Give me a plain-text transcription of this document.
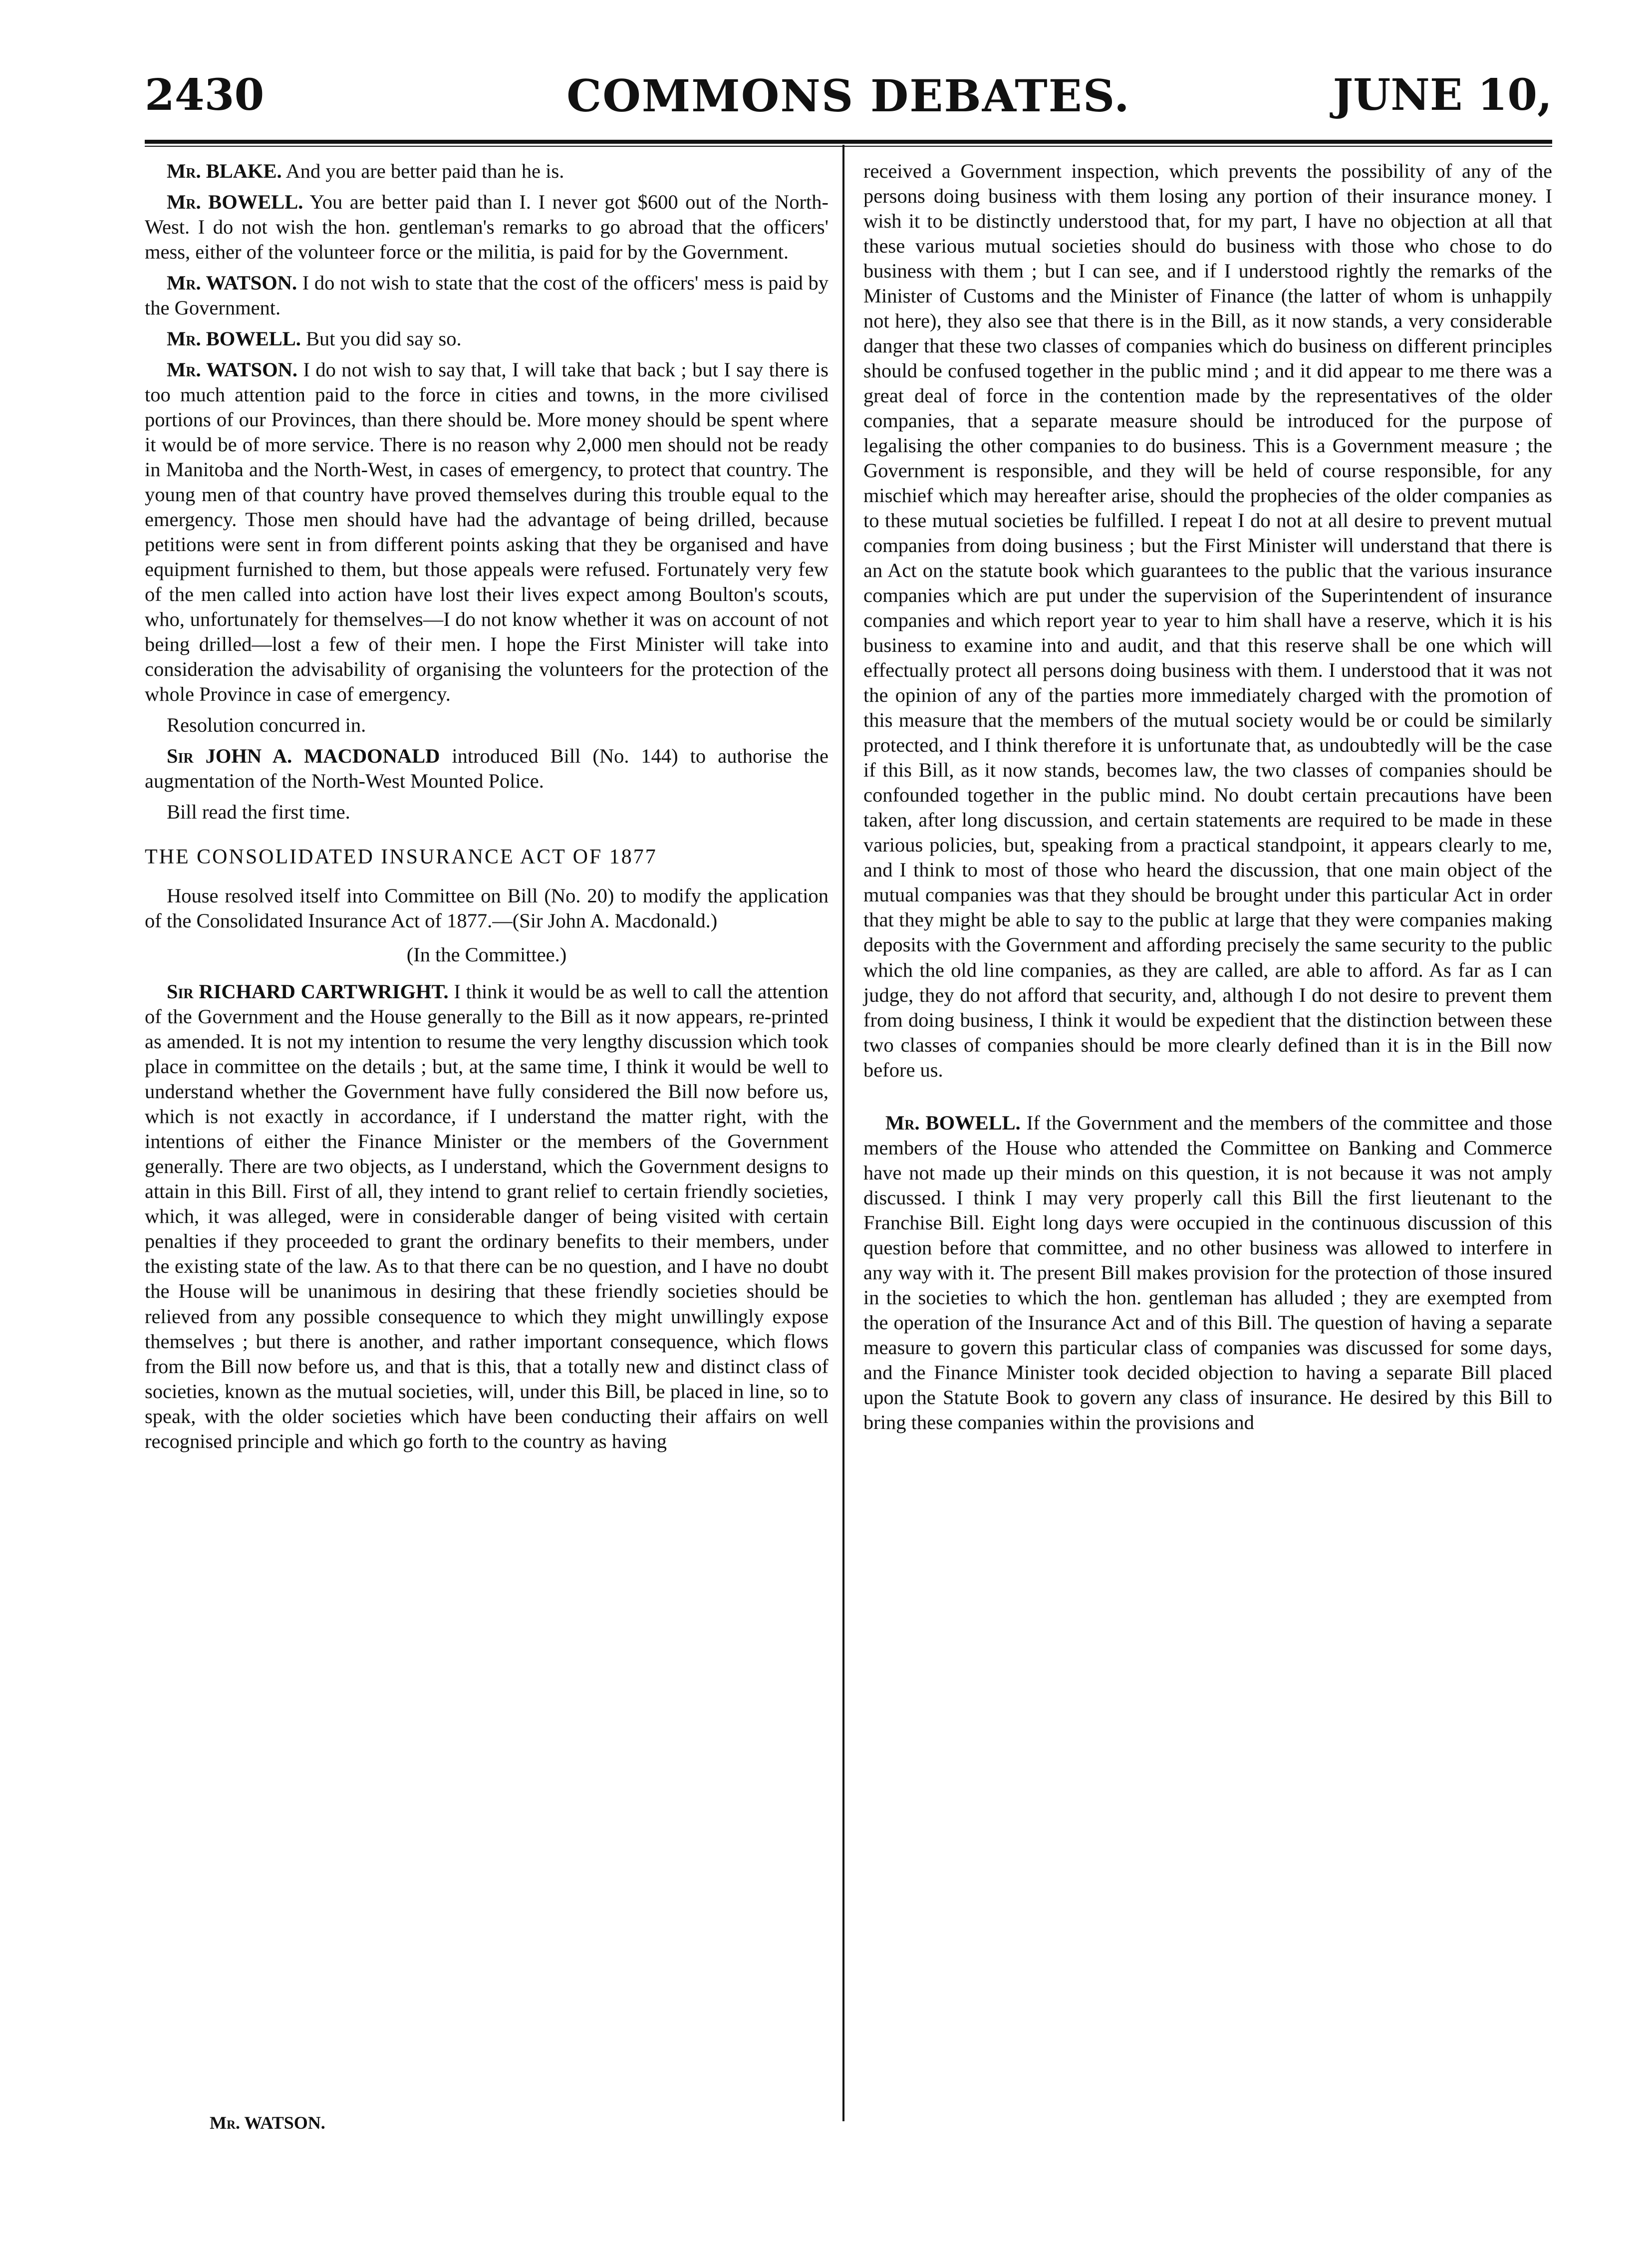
2430	COMMONS DEBATES.	JUNE 10,

Mr. BLAKE. And you are better paid than he is.

Mr. BOWELL. You are better paid than I. I never got $600 out of the North-West. I do not wish the hon. gentleman's remarks to go abroad that the officers' mess, either of the volunteer force or the militia, is paid for by the Government.

Mr. WATSON. I do not wish to state that the cost of the officers' mess is paid by the Government.

Mr. BOWELL. But you did say so.

Mr. WATSON. I do not wish to say that, I will take that back ; but I say there is too much attention paid to the force in cities and towns, in the more civilised portions of our Provinces, than there should be. More money should be spent where it would be of more service. There is no reason why 2,000 men should not be ready in Manitoba and the North-West, in cases of emergency, to protect that country. The young men of that country have proved themselves during this trouble equal to the emergency. Those men should have had the advantage of being drilled, because petitions were sent in from different points asking that they be organised and have equipment furnished to them, but those appeals were refused. Fortunately very few of the men called into action have lost their lives expect among Boulton's scouts, who, unfortunately for themselves—I do not know whether it was on account of not being drilled—lost a few of their men. I hope the First Minister will take into consideration the advisability of organising the volunteers for the protection of the whole Province in case of emergency.

Resolution concurred in.

Sir JOHN A. MACDONALD introduced Bill (No. 144) to authorise the augmentation of the North-West Mounted Police.

Bill read the first time.

THE CONSOLIDATED INSURANCE ACT OF 1877

House resolved itself into Committee on Bill (No. 20) to modify the application of the Consolidated Insurance Act of 1877.—(Sir John A. Macdonald.)

(In the Committee.)

Sir RICHARD CARTWRIGHT. I think it would be as well to call the attention of the Government and the House generally to the Bill as it now appears, re-printed as amended. It is not my intention to resume the very lengthy discussion which took place in committee on the details ; but, at the same time, I think it would be well to understand whether the Government have fully considered the Bill now before us, which is not exactly in accordance, if I understand the matter right, with the intentions of either the Finance Minister or the members of the Government generally. There are two objects, as I understand, which the Government designs to attain in this Bill. First of all, they intend to grant relief to certain friendly societies, which, it was alleged, were in considerable danger of being visited with certain penalties if they proceeded to grant the ordinary benefits to their members, under the existing state of the law. As to that there can be no question, and I have no doubt the House will be unanimous in desiring that these friendly societies should be relieved from any possible consequence to which they might unwillingly expose themselves ; but there is another, and rather important consequence, which flows from the Bill now before us, and that is this, that a totally new and distinct class of societies, known as the mutual societies, will, under this Bill, be placed in line, so to speak, with the older societies which have been conducting their affairs on well recognised principle and which go forth to the country as having

received a Government inspection, which prevents the possibility of any of the persons doing business with them losing any portion of their insurance money. I wish it to be distinctly understood that, for my part, I have no objection at all that these various mutual societies should do business with those who chose to do business with them ; but I can see, and if I understood rightly the remarks of the Minister of Customs and the Minister of Finance (the latter of whom is unhappily not here), they also see that there is in the Bill, as it now stands, a very considerable danger that these two classes of companies which do business on different principles should be confused together in the public mind ; and it did appear to me there was a great deal of force in the contention made by the representatives of the older companies, that a separate measure should be introduced for the purpose of legalising the other companies to do business. This is a Government measure ; the Government is responsible, and they will be held of course responsible, for any mischief which may hereafter arise, should the prophecies of the older companies as to these mutual societies be fulfilled. I repeat I do not at all desire to prevent mutual companies from doing business ; but the First Minister will understand that there is an Act on the statute book which guarantees to the public that the various insurance companies which are put under the supervision of the Superintendent of insurance companies and which report year to year to him shall have a reserve, which it is his business to examine into and audit, and that this reserve shall be one which will effectually protect all persons doing business with them. I understood that it was not the opinion of any of the parties more immediately charged with the promotion of this measure that the members of the mutual society would be or could be similarly protected, and I think therefore it is unfortunate that, as undoubtedly will be the case if this Bill, as it now stands, becomes law, the two classes of companies should be confounded together in the public mind. No doubt certain precautions have been taken, after long discussion, and certain statements are required to be made in these various policies, but, speaking from a practical standpoint, it appears clearly to me, and I think to most of those who heard the discussion, that one main object of the mutual companies was that they should be brought under this particular Act in order that they might be able to say to the public at large that they were companies making deposits with the Government and affording precisely the same security to the public which the old line companies, as they are called, are able to afford. As far as I can judge, they do not afford that security, and, although I do not desire to prevent them from doing business, I think it would be expedient that the distinction between these two classes of companies should be more clearly defined than it is in the Bill now before us.

Mr. BOWELL. If the Government and the members of the committee and those members of the House who attended the Committee on Banking and Commerce have not made up their minds on this question, it is not because it was not amply discussed. I think I may very properly call this Bill the first lieutenant to the Franchise Bill. Eight long days were occupied in the continuous discussion of this question before that committee, and no other business was allowed to interfere in any way with it. The present Bill makes provision for the protection of those insured in the societies to which the hon. gentleman has alluded ; they are exempted from the operation of the Insurance Act and of this Bill. The question of having a separate measure to govern this particular class of companies was discussed for some days, and the Finance Minister took decided objection to having a separate Bill placed upon the Statute Book to govern any class of insurance. He desired by this Bill to bring these companies within the provisions and

Mr. WATSON.
